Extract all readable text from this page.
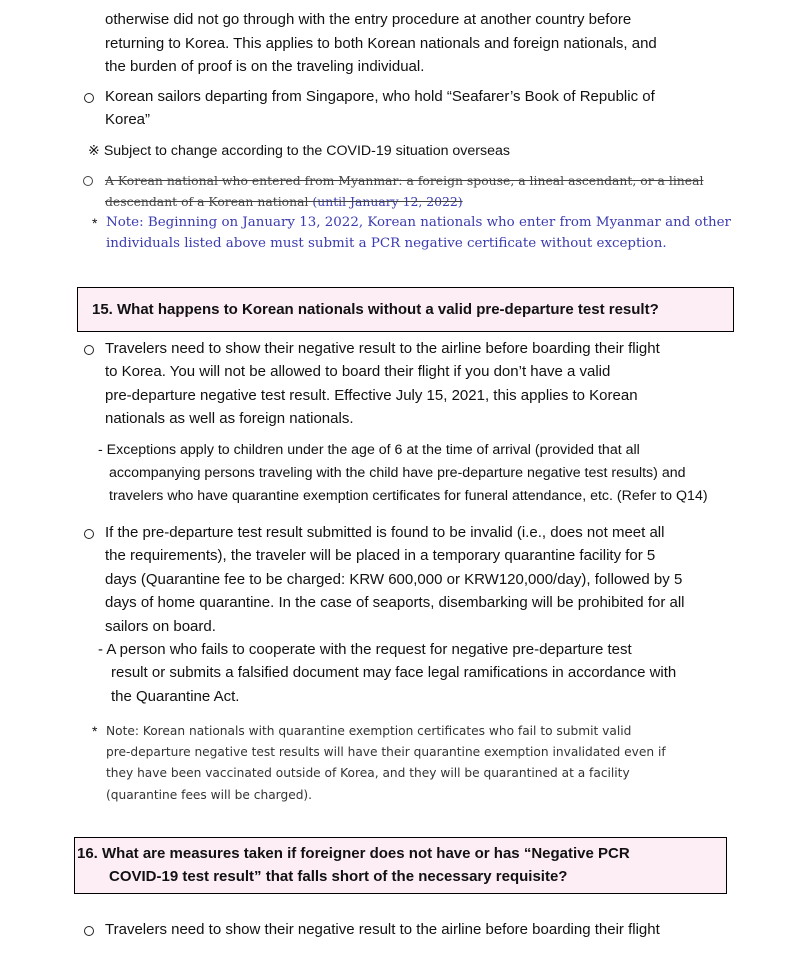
otherwise did not go through with the entry procedure at another country before
returning to Korea. This applies to both Korean nationals and foreign nationals, and
the burden of proof is on the traveling individual.
Korean sailors departing from Singapore, who hold “Seafarer’s Book of Republic of
Korea”
※ Subject to change according to the COVID-19 situation overseas
A Korean national who entered from Myanmar: a foreign spouse, a lineal ascendant, or a lineal
descendant of a Korean national (until January 12, 2022)
* Note: Beginning on January 13, 2022, Korean nationals who enter from Myanmar and other
individuals listed above must submit a PCR negative certificate without exception.
15. What happens to Korean nationals without a valid pre-departure test result?
Travelers need to show their negative result to the airline before boarding their flight
to Korea. You will not be allowed to board their flight if you don’t have a valid
pre-departure negative test result. Effective July 15, 2021, this applies to Korean
nationals as well as foreign nationals.
- Exceptions apply to children under the age of 6 at the time of arrival (provided that all
accompanying persons traveling with the child have pre-departure negative test results) and
travelers who have quarantine exemption certificates for funeral attendance, etc. (Refer to Q14)
If the pre-departure test result submitted is found to be invalid (i.e., does not meet all
the requirements), the traveler will be placed in a temporary quarantine facility for 5
days (Quarantine fee to be charged: KRW 600,000 or KRW120,000/day), followed by 5
days of home quarantine. In the case of seaports, disembarking will be prohibited for all
sailors on board.
- A person who fails to cooperate with the request for negative pre-departure test
result or submits a falsified document may face legal ramifications in accordance with
the Quarantine Act.
* Note: Korean nationals with quarantine exemption certificates who fail to submit valid
pre-departure negative test results will have their quarantine exemption invalidated even if
they have been vaccinated outside of Korea, and they will be quarantined at a facility
(quarantine fees will be charged).
16. What are measures taken if foreigner does not have or has “Negative PCR
COVID-19 test result” that falls short of the necessary requisite?
Travelers need to show their negative result to the airline before boarding their flight
